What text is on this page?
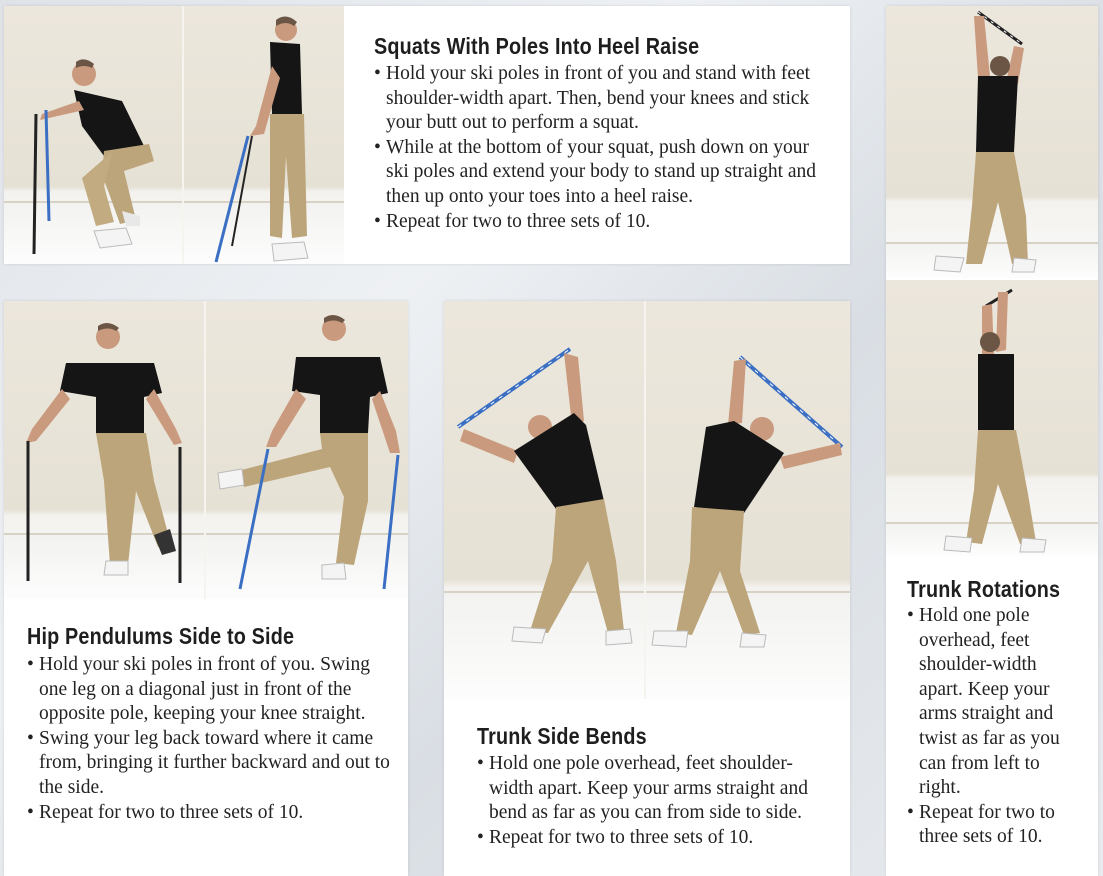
Squats With Poles Into Heel Raise
• Hold your ski poles in front of you and stand with feet shoulder-width apart. Then, bend your knees and stick your butt out to perform a squat.
• While at the bottom of your squat, push down on your ski poles and extend your body to stand up straight and then up onto your toes into a heel raise.
• Repeat for two to three sets of 10.
Hip Pendulums Side to Side
• Hold your ski poles in front of you. Swing one leg on a diagonal just in front of the opposite pole, keeping your knee straight.
• Swing your leg back toward where it came from, bringing it further backward and out to the side.
• Repeat for two to three sets of 10.
Trunk Side Bends
• Hold one pole overhead, feet shoulder-width apart. Keep your arms straight and bend as far as you can from side to side.
• Repeat for two to three sets of 10.
Trunk Rotations
• Hold one pole overhead, feet shoulder-width apart. Keep your arms straight and twist as far as you can from left to right.
• Repeat for two to three sets of 10.
